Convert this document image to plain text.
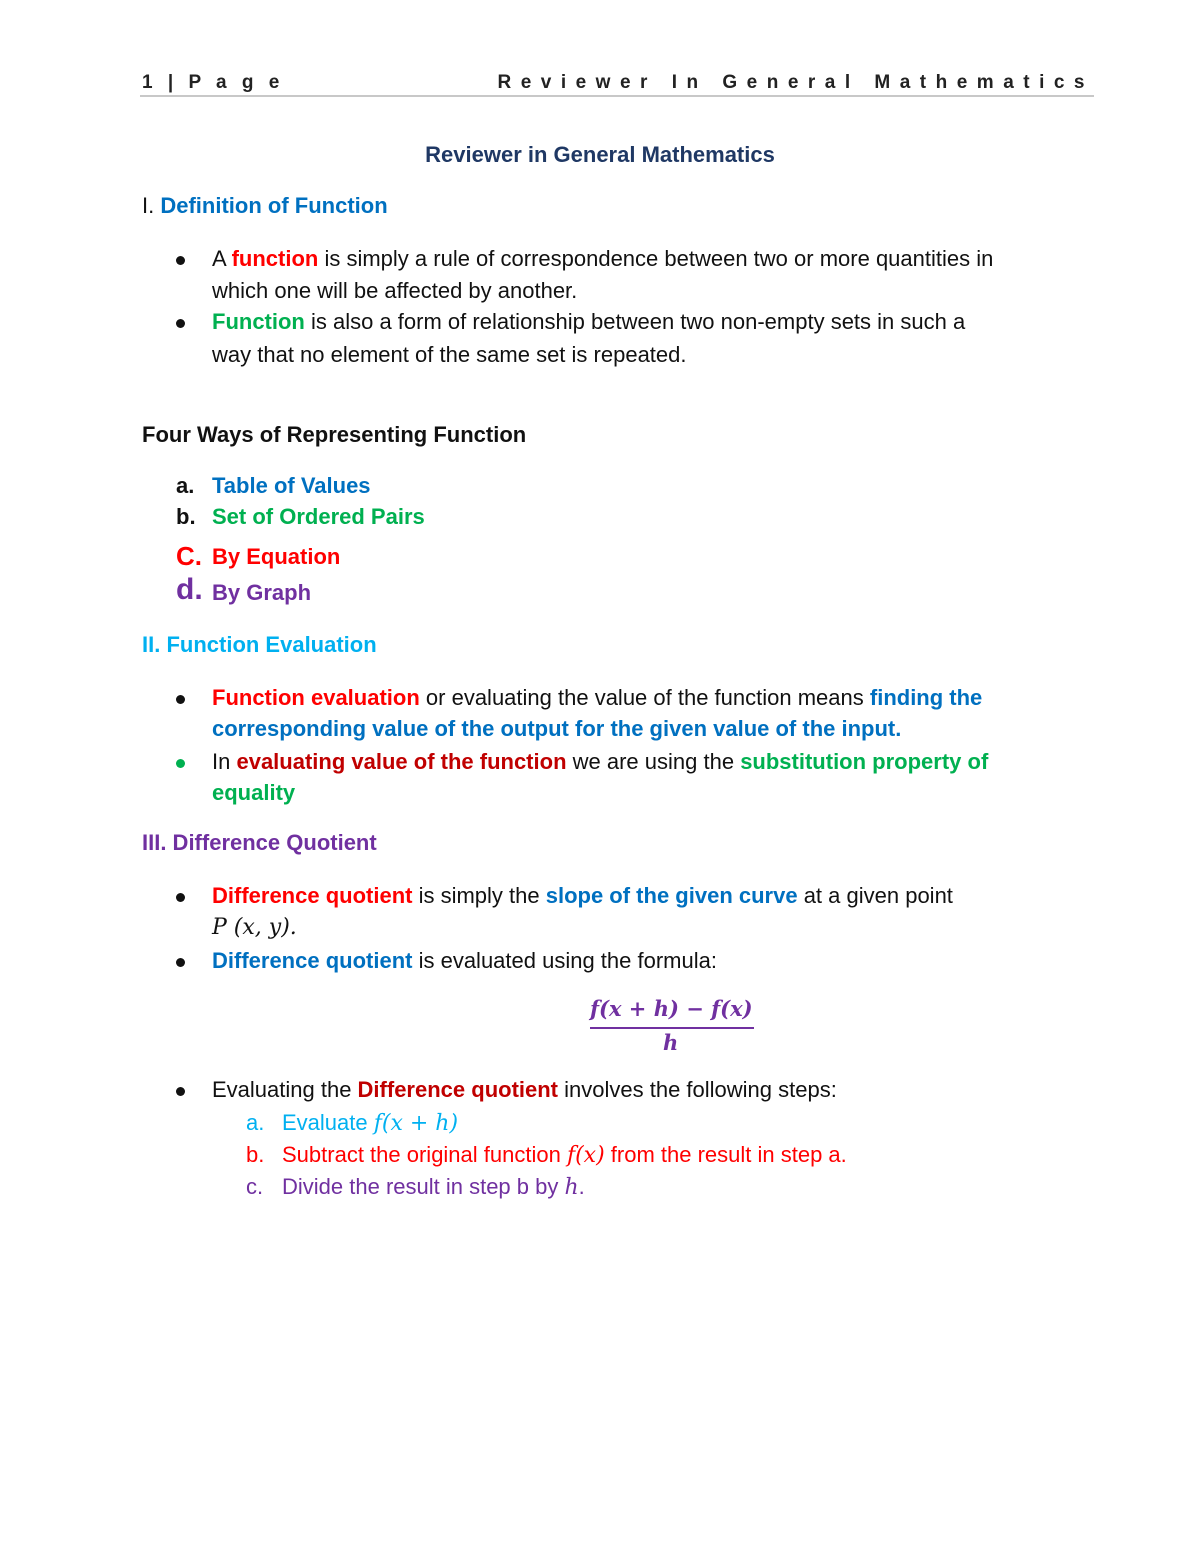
1 | P a g e	Reviewer In General Mathematics
Reviewer in General Mathematics
I. Definition of Function
A function is simply a rule of correspondence between two or more quantities in
which one will be affected by another.
Function is also a form of relationship between two non-empty sets in such a
way that no element of the same set is repeated.
Four Ways of Representing Function
a. Table of Values
b. Set of Ordered Pairs
C. By Equation
d. By Graph
II. Function Evaluation
Function evaluation or evaluating the value of the function means finding the
corresponding value of the output for the given value of the input.
In evaluating value of the function we are using the substitution property of
equality
III. Difference Quotient
Difference quotient is simply the slope of the given curve at a given point
P (x, y).
Difference quotient is evaluated using the formula:
f(x + h) − f(x)
h
Evaluating the Difference quotient involves the following steps:
a. Evaluate f(x + h)
b. Subtract the original function f(x) from the result in step a.
c. Divide the result in step b by h.
